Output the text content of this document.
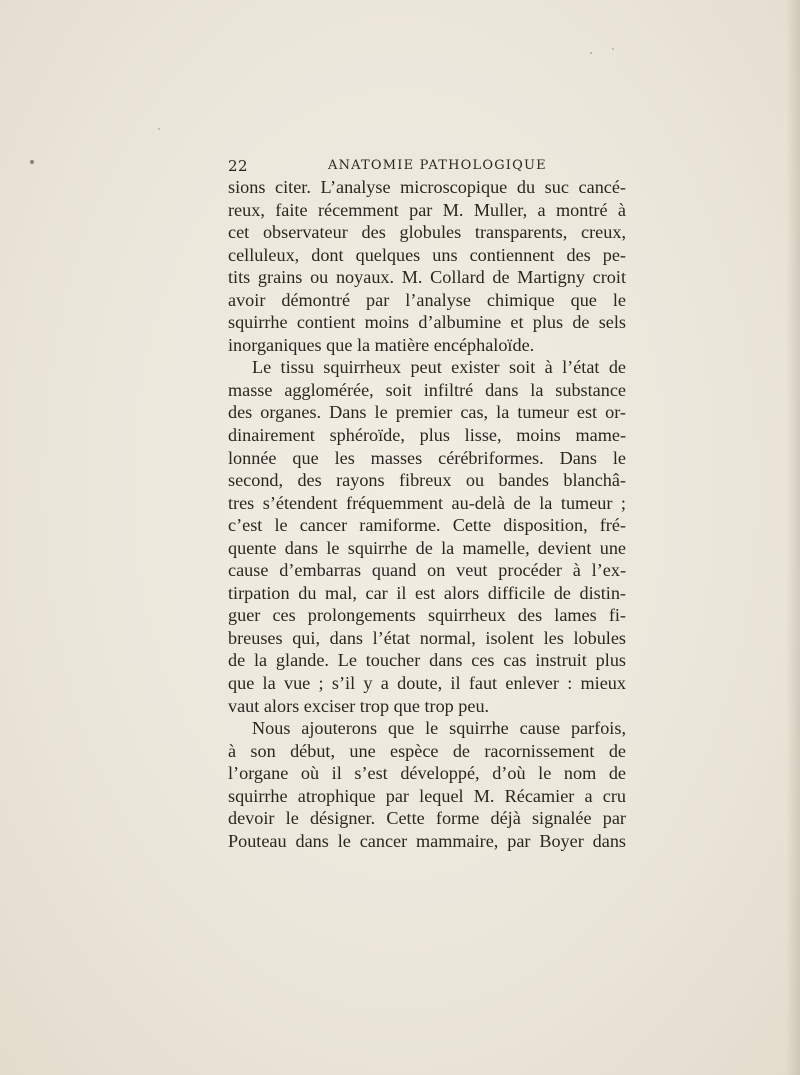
22	ANATOMIE PATHOLOGIQUE
sions citer. L’analyse microscopique du suc cancé-
reux, faite récemment par M. Muller, a montré à
cet observateur des globules transparents, creux,
celluleux, dont quelques uns contiennent des pe-
tits grains ou noyaux. M. Collard de Martigny croit
avoir démontré par l’analyse chimique que le
squirrhe contient moins d’albumine et plus de sels
inorganiques que la matière encéphaloïde.
Le tissu squirrheux peut exister soit à l’état de
masse agglomérée, soit infiltré dans la substance
des organes. Dans le premier cas, la tumeur est or-
dinairement sphéroïde, plus lisse, moins mame-
lonnée que les masses cérébriformes. Dans le
second, des rayons fibreux ou bandes blanchâ-
tres s’étendent fréquemment au-delà de la tumeur ;
c’est le cancer ramiforme. Cette disposition, fré-
quente dans le squirrhe de la mamelle, devient une
cause d’embarras quand on veut procéder à l’ex-
tirpation du mal, car il est alors difficile de distin-
guer ces prolongements squirrheux des lames fi-
breuses qui, dans l’état normal, isolent les lobules
de la glande. Le toucher dans ces cas instruit plus
que la vue ; s’il y a doute, il faut enlever : mieux
vaut alors exciser trop que trop peu.
Nous ajouterons que le squirrhe cause parfois,
à son début, une espèce de racornissement de
l’organe où il s’est développé, d’où le nom de
squirrhe atrophique par lequel M. Récamier a cru
devoir le désigner. Cette forme déjà signalée par
Pouteau dans le cancer mammaire, par Boyer dans
